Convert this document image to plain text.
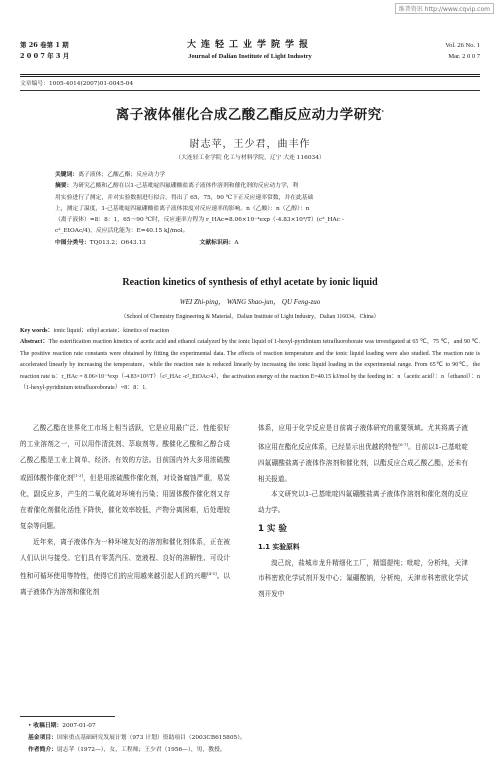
维普资讯 http://www.cqvip.com
第 26 卷第 1 期
2 0 0 7 年 3 月
大连轻工业学院学报
Journal of Dalian Institute of Light Industry
Vol. 26 No. 1
Mar. 2 0 0 7
文章编号：1005-4014(2007)01-0045-04
离子液体催化合成乙酸乙酯反应动力学研究*
尉志苹，王少君，曲丰作
（大连轻工业学院 化工与材料学院，辽宁 大连 116034）
关键词：离子液体；乙酸乙酯；反应动力学
摘要：为研究乙酸和乙醇在以1-己基吡啶四氟硼酸盐离子液体作溶剂和催化剂的反应动力学，利
用实验进行了测定，并对实验数据进行拟合，得出了 65，75，90 ℃下正反应速率常数，并在此基础
上，测定了温度，1-己基吡啶四氟硼酸盐离子液体浓度对反应速率的影响。n（乙酸）：n（乙醇）：n
（离子液体）=8：8：1，65～90 ℃时，反应速率方程为 r_HAc=8.06×10⁻⁴exp（-4.83×10³/T）(c²_HAc -
c²_EtOAc/4)，反应活化能为：E=40.15 kJ/mol。
中图分类号：TQ013.2；O643.13	文献标识码：A
Reaction kinetics of synthesis of ethyl acetate by ionic liquid
WEI Zhi-ping， WANG Shao-jun， QU Feng-zuo
（School of Chemistry Engineering & Material，Dalian Institute of Light Industry，Dalian 116034，China）
Key words：ionic liquid；ethyl acetate；kinetics of reaction
Abstract：The esterification reaction kinetics of acetic acid and ethanol catalyzed by the ionic liquid of 1-hexyl-pyridinium tetrafluoroborate was investigated at 65 ℃，75 ℃，and 90 ℃. The positive reaction rate constants were obtained by fitting the experimental data. The effects of reaction temperature and the ionic liquid loading were also studied. The reaction rate is accelerated linearly by increasing the temperature，while the reaction rate is reduced linearly by increasing the ionic liquid loading in the experimental range. From 65℃ to 90℃，the reaction rate is：r_HAc = 8.06×10⁻⁴exp（-4.83×10³/T）（c²_HAc -c²_EtOAc/4），the activation energy of the reaction E=40.15 kJ/mol by the feeding in：n（acetic acid）：n（ethanol）：n（1-hexyl-pyridinium tetrafluoroborate）=8：8：1.

乙酸乙酯在世界化工市场上相当活跃，它是应用最广泛、性能很好的工业溶剂之一，可以用作清洗剂、萃取剂等。酸催化乙酸和乙醇合成乙酸乙酯是工业上简单、经济、有效的方法。目前国内外大多用浓硫酸或固体酸作催化剂[1-3]，但是用浓硫酸作催化剂，对设备腐蚀严重，易炭化，副反应多，产生的二氧化硫对环境有污染；用固体酸作催化剂又存在着催化剂催化活性下降快，催化效率较低，产物分离困难，后处理较复杂等问题。

近年来，离子液体作为一种环境友好的溶剂和催化剂体系，正在被人们认识与接受。它们具有零蒸汽压、宽液程、良好的溶解性、可设计性和可循环使用等特性，使得它们的应用越来越引起人们的兴趣[4-5]。以离子液体作为溶剂和催化剂

体系，应用于化学反应是目前离子液体研究的重要领域。尤其将离子液体应用在酯化反应体系，已经显示出优越的特性[6-7]。目前以1-己基吡啶四氟硼酸盐离子液体作溶剂和催化剂，以酯反应合成乙酸乙酯，还未有相关报道。

本文研究以1-己基吡啶四氟硼酸盐离子液体作溶剂和催化剂的反应动力学。

1 实 验
1.1 实验原料

溴己烷，盐城市龙升精细化工厂，精馏提纯；吡啶，分析纯，天津市科密欧化学试剂开发中心；氟硼酸钠，分析纯，天津市科密欧化学试剂开发中

• 收稿日期：2007-01-07
基金项目：国家重点基础研究发展计划（973 计划）资助项目（2003CB615805）。
作者简介：尉志苹（1972—），女，工程师；王少君（1956—），男，教授。
